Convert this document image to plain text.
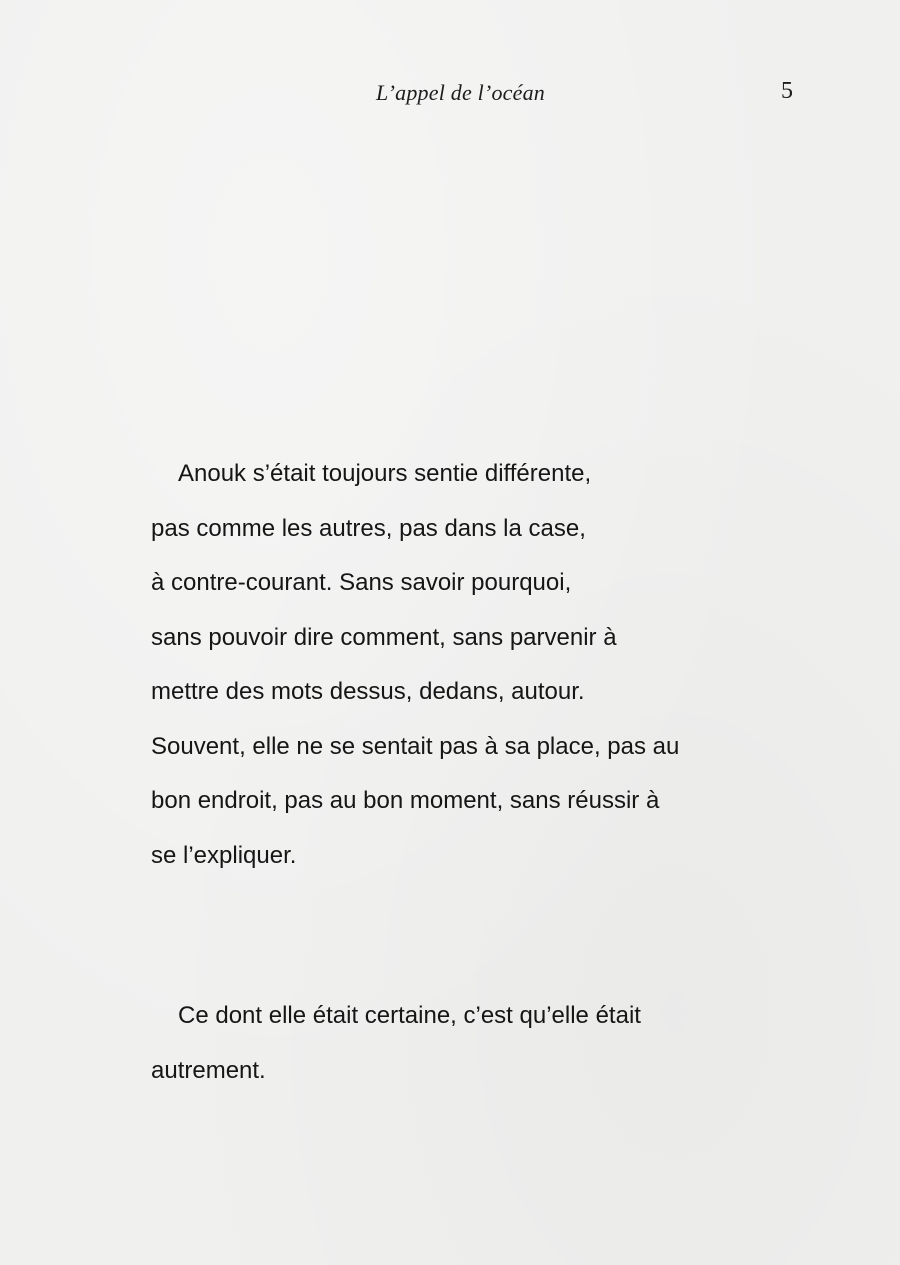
L’appel de l’océan	5

Anouk s’était toujours sentie différente,
pas comme les autres, pas dans la case,
à contre-courant. Sans savoir pourquoi,
sans pouvoir dire comment, sans parvenir à
mettre des mots dessus, dedans, autour.
Souvent, elle ne se sentait pas à sa place, pas au
bon endroit, pas au bon moment, sans réussir à
se l’expliquer.
Ce dont elle était certaine, c’est qu’elle était
autrement.
